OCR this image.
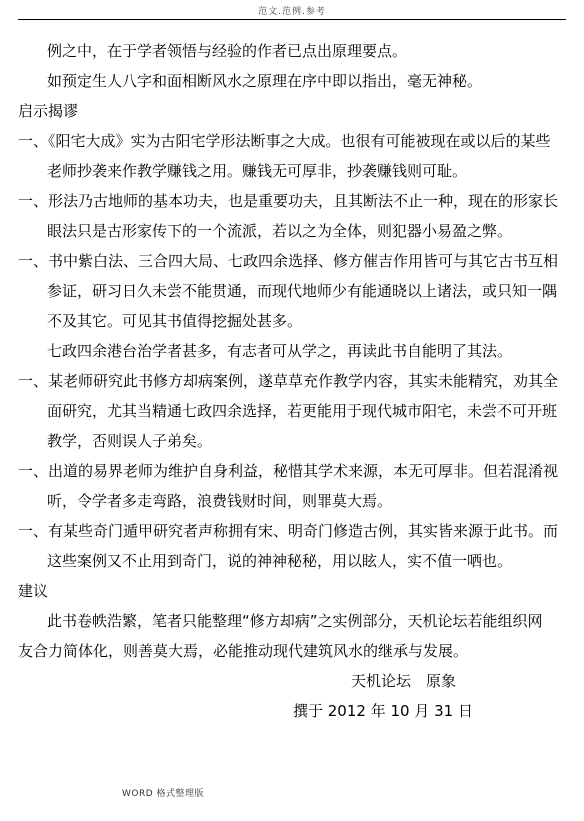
范文.范例.参考
例之中，在于学者领悟与经验的作者已点出原理要点。
如预定生人八字和面相断风水之原理在序中即以指出，毫无神秘。
启示揭谬
一、《阳宅大成》实为古阳宅学形法断事之大成。也很有可能被现在或以后的某些
老师抄袭来作教学赚钱之用。赚钱无可厚非，抄袭赚钱则可耻。
一、形法乃古地师的基本功夫，也是重要功夫，且其断法不止一种，现在的形家长
眼法只是古形家传下的一个流派，若以之为全体，则犯器小易盈之弊。
一、书中紫白法、三合四大局、七政四余选择、修方催吉作用皆可与其它古书互相
参证，研习日久未尝不能贯通，而现代地师少有能通晓以上诸法，或只知一隅
不及其它。可见其书值得挖掘处甚多。
七政四余港台治学者甚多，有志者可从学之，再读此书自能明了其法。
一、某老师研究此书修方却病案例，遂草草充作教学内容，其实未能精究，劝其全
面研究，尤其当精通七政四余选择，若更能用于现代城市阳宅，未尝不可开班
教学，否则误人子弟矣。
一、出道的易界老师为维护自身利益，秘惜其学术来源，本无可厚非。但若混淆视
听，令学者多走弯路，浪费钱财时间，则罪莫大焉。
一、有某些奇门遁甲研究者声称拥有宋、明奇门修造古例，其实皆来源于此书。而
这些案例又不止用到奇门，说的神神秘秘，用以眩人，实不值一哂也。
建议
此书卷帙浩繁，笔者只能整理“修方却病”之实例部分，天机论坛若能组织网
友合力简体化，则善莫大焉，必能推动现代建筑风水的继承与发展。
天机论坛　原象
撰于 2012 年 10 月 31 日
WORD 格式整理版
